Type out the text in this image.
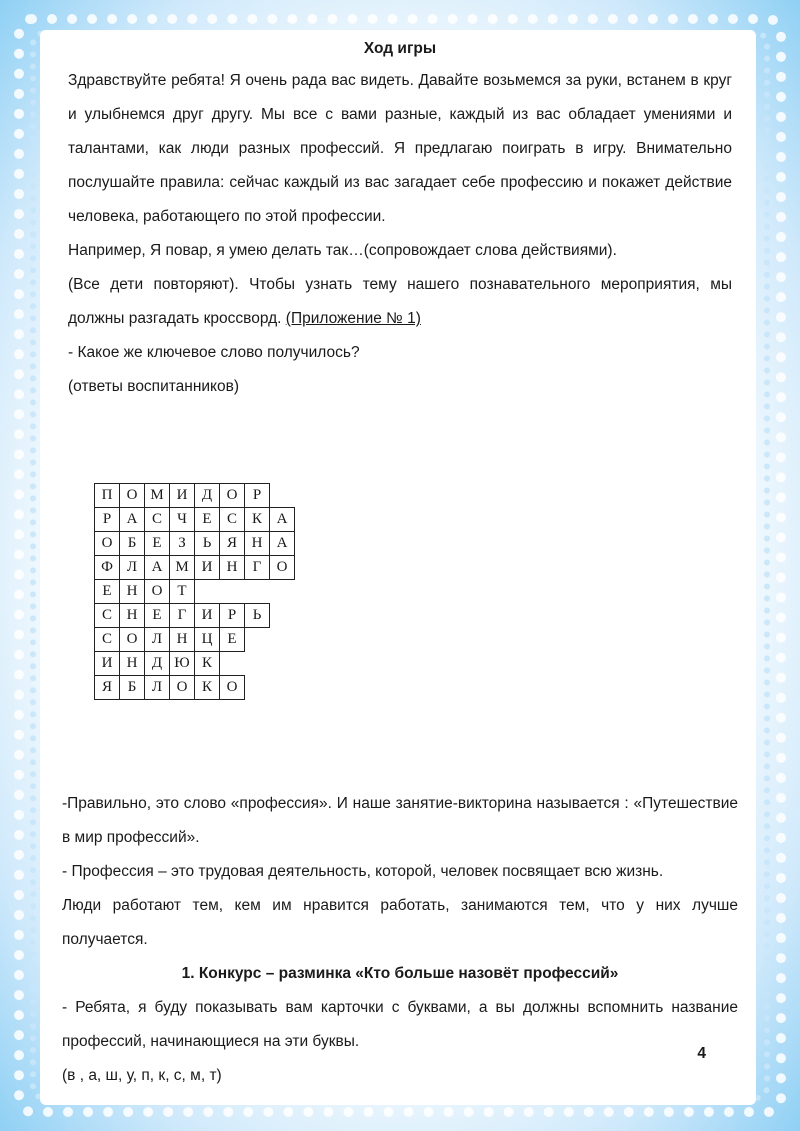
Ход игры

Здравствуйте ребята! Я очень рада вас видеть. Давайте возьмемся за руки, встанем в круг и улыбнемся друг другу. Мы все с вами разные, каждый из вас обладает умениями и талантами, как люди разных профессий. Я предлагаю поиграть в игру. Внимательно послушайте правила: сейчас каждый из вас загадает себе профессию и покажет действие человека, работающего по этой профессии.

Например, Я повар, я умею делать так…(сопровождает слова действиями).

(Все дети повторяют). Чтобы узнать тему нашего познавательного мероприятия, мы должны разгадать кроссворд. (Приложение № 1)

- Какое же ключевое слово получилось?

(ответы воспитанников)

П	О	М	И	Д	О	Р	
Р	А	С	Ч	Е	С	К	А
О	Б	Е	З	Ь	Я	Н	А
Ф	Л	А	М	И	Н	Г	О
Е	Н	О	Т				
С	Н	Е	Г	И	Р	Ь	
С	О	Л	Н	Ц	Е		
И	Н	Д	Ю	К			
Я	Б	Л	О	К	О		

-Правильно, это слово «профессия». И наше занятие-викторина называется : «Путешествие в мир профессий».

- Профессия – это трудовая деятельность, которой, человек посвящает всю жизнь.

Люди работают тем, кем им нравится работать, занимаются тем, что у них лучше получается.

1. Конкурс – разминка «Кто больше назовёт профессий»

- Ребята, я буду показывать вам карточки с буквами, а вы должны вспомнить название профессий, начинающиеся на эти буквы.

(в , а, ш, у, п, к, с, м, т)

4
